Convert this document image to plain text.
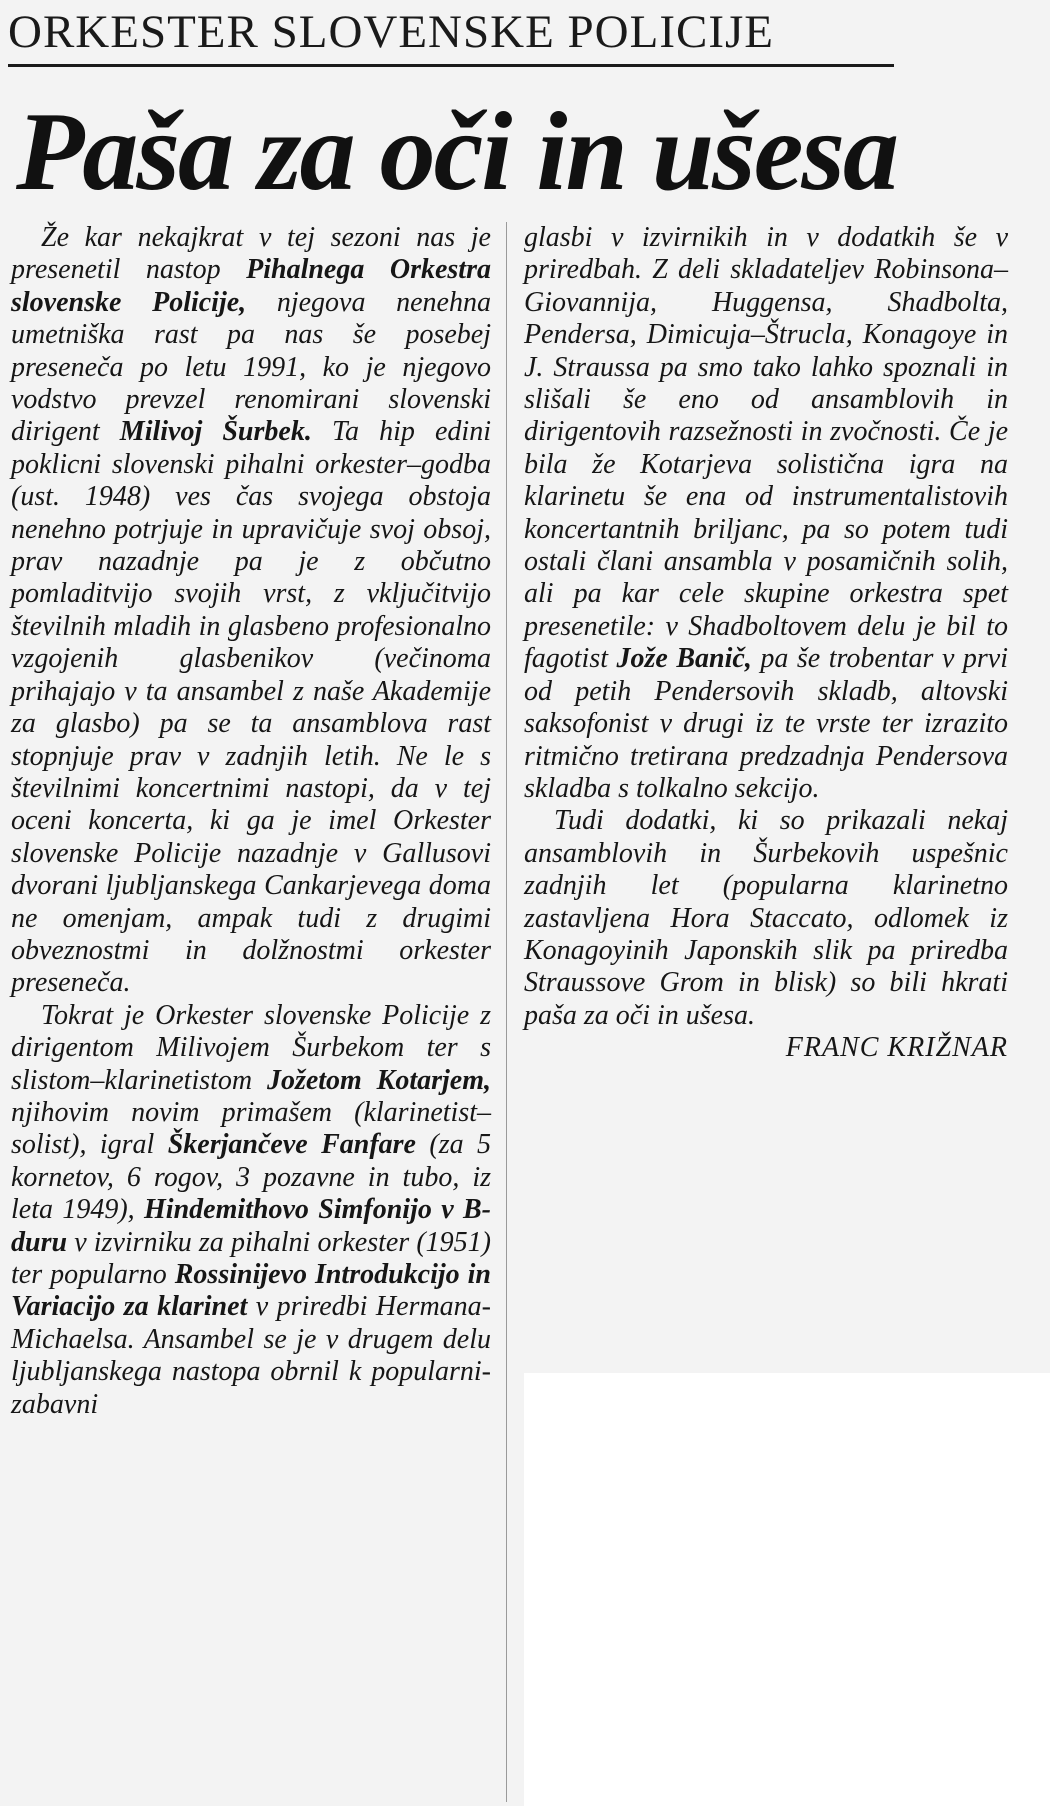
ORKESTER SLOVENSKE POLICIJE
Paša za oči in ušesa

Že kar nekajkrat v tej sezoni nas je presenetil nastop Pihalnega Orkestra slovenske Policije, njegova nenehna umetniška rast pa nas še posebej preseneča po letu 1991, ko je njegovo vodstvo prevzel renomirani slovenski dirigent Milivoj Šurbek. Ta hip edini poklicni slovenski pihalni orkester–godba (ust. 1948) ves čas svojega obstoja nenehno potrjuje in upravičuje svoj obsoj, prav nazadnje pa je z občutno pomladitvijo svojih vrst, z vključitvijo številnih mladih in glasbeno profesionalno vzgojenih glasbenikov (večinoma prihajajo v ta ansambel z naše Akademije za glasbo) pa se ta ansamblova rast stopnjuje prav v zadnjih letih. Ne le s številnimi koncertnimi nastopi, da v tej oceni koncerta, ki ga je imel Orkester slovenske Policije nazadnje v Gallusovi dvorani ljubljanskega Cankarjevega doma ne omenjam, ampak tudi z drugimi obveznostmi in dolžnostmi orkester preseneča.

Tokrat je Orkester slovenske Policije z dirigentom Milivojem Šurbekom ter s slistom–klarinetistom Jožetom Kotarjem, njihovim novim primašem (klarinetist–solist), igral Škerjančeve Fanfare (za 5 kornetov, 6 rogov, 3 pozavne in tubo, iz leta 1949), Hindemithovo Simfonijo v B-duru v izvirniku za pihalni orkester (1951) ter popularno Rossinijevo Introdukcijo in Variacijo za klarinet v priredbi Hermana-Michaelsa. Ansambel se je v drugem delu ljubljanskega nastopa obrnil k popularni-zabavni

glasbi v izvirnikih in v dodatkih še v priredbah. Z deli skladateljev Robinsona–Giovannija, Huggensa, Shadbolta, Pendersa, Dimicuja–Štrucla, Konagoye in J. Straussa pa smo tako lahko spoznali in slišali še eno od ansamblovih in dirigentovih razsežnosti in zvočnosti. Če je bila že Kotarjeva solistična igra na klarinetu še ena od instrumentalistovih koncertantnih briljanc, pa so potem tudi ostali člani ansambla v posamičnih solih, ali pa kar cele skupine orkestra spet presenetile: v Shadboltovem delu je bil to fagotist Jože Banič, pa še trobentar v prvi od petih Pendersovih skladb, altovski saksofonist v drugi iz te vrste ter izrazito ritmično tretirana predzadnja Pendersova skladba s tolkalno sekcijo.

Tudi dodatki, ki so prikazali nekaj ansamblovih in Šurbekovih uspešnic zadnjih let (popularna klarinetno zastavljena Hora Staccato, odlomek iz Konagoyinih Japonskih slik pa priredba Straussove Grom in blisk) so bili hkrati paša za oči in ušesa.

FRANC KRIŽNAR
